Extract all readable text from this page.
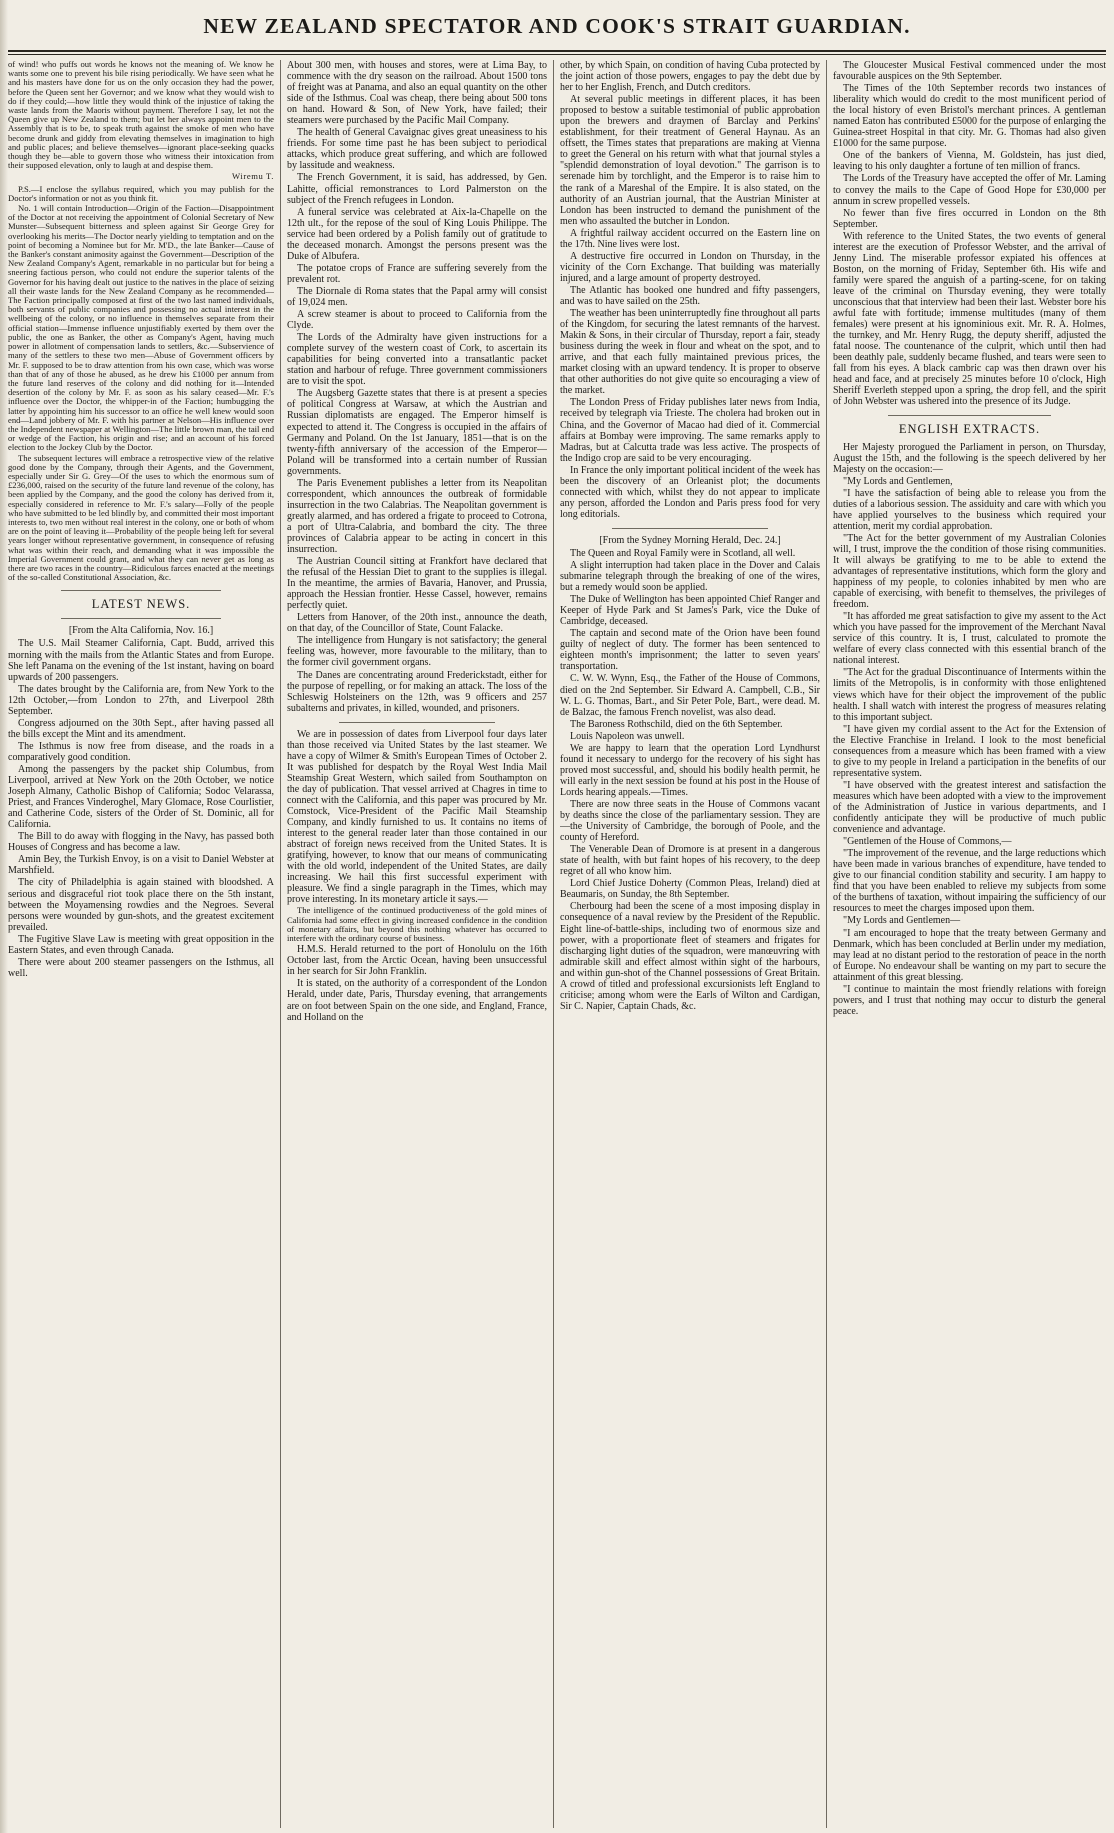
NEW ZEALAND SPECTATOR AND COOK'S STRAIT GUARDIAN.

of wind! who puffs out words he knows not the meaning of. We know he wants some one to prevent his bile rising periodically. We have seen what he and his masters have done for us on the only occasion they had the power, before the Queen sent her Governor; and we know what they would wish to do if they could;—how little they would think of the injustice of taking the waste lands from the Maoris without payment. Therefore I say, let not the Queen give up New Zealand to them; but let her always appoint men to the Assembly that is to be, to speak truth against the smoke of men who have become drunk and giddy from elevating themselves in imagination to high and public places; and believe themselves—ignorant place-seeking quacks though they be—able to govern those who witness their intoxication from their supposed elevation, only to laugh at and despise them.

Wiremu T.

P.S.—I enclose the syllabus required, which you may publish for the Doctor's information or not as you think fit.

No. 1 will contain Introduction—Origin of the Faction—Disappointment of the Doctor at not receiving the appointment of Colonial Secretary of New Munster—Subsequent bitterness and spleen against Sir George Grey for overlooking his merits—The Doctor nearly yielding to temptation and on the point of becoming a Nominee but for Mr. M'D., the late Banker—Cause of the Banker's constant animosity against the Government—Description of the New Zealand Company's Agent, remarkable in no particular but for being a sneering factious person, who could not endure the superior talents of the Governor for his having dealt out justice to the natives in the place of seizing all their waste lands for the New Zealand Company as he recommended—The Faction principally composed at first of the two last named individuals, both servants of public companies and possessing no actual interest in the wellbeing of the colony, or no influence in themselves separate from their official station—Immense influence unjustifiably exerted by them over the public, the one as Banker, the other as Company's Agent, having much power in allotment of compensation lands to settlers, &c.—Subservience of many of the settlers to these two men—Abuse of Government officers by Mr. F. supposed to be to draw attention from his own case, which was worse than that of any of those he abused, as he drew his £1000 per annum from the future land reserves of the colony and did nothing for it—Intended desertion of the colony by Mr. F. as soon as his salary ceased—Mr. F.'s influence over the Doctor, the whipper-in of the Faction; humbugging the latter by appointing him his successor to an office he well knew would soon end—Land jobbery of Mr. F. with his partner at Nelson—His influence over the Independent newspaper at Wellington—The little brown man, the tail end or wedge of the Faction, his origin and rise; and an account of his forced election to the Jockey Club by the Doctor.

The subsequent lectures will embrace a retrospective view of the relative good done by the Company, through their Agents, and the Government, especially under Sir G. Grey—Of the uses to which the enormous sum of £236,000, raised on the security of the future land revenue of the colony, has been applied by the Company, and the good the colony has derived from it, especially considered in reference to Mr. F.'s salary—Folly of the people who have submitted to be led blindly by, and committed their most important interests to, two men without real interest in the colony, one or both of whom are on the point of leaving it—Probability of the people being left for several years longer without representative government, in consequence of refusing what was within their reach, and demanding what it was impossible the Imperial Government could grant, and what they can never get as long as there are two races in the country—Ridiculous farces enacted at the meetings of the so-called Constitutional Association, &c.

LATEST NEWS.

[From the Alta California, Nov. 16.]

The U.S. Mail Steamer California, Capt. Budd, arrived this morning with the mails from the Atlantic States and from Europe. She left Panama on the evening of the 1st instant, having on board upwards of 200 passengers.

The dates brought by the California are, from New York to the 12th October,—from London to 27th, and Liverpool 28th September.

Congress adjourned on the 30th Sept., after having passed all the bills except the Mint and its amendment.

The Isthmus is now free from disease, and the roads in a comparatively good condition.

Among the passengers by the packet ship Columbus, from Liverpool, arrived at New York on the 20th October, we notice Joseph Almany, Catholic Bishop of California; Sodoc Velarassa, Priest, and Frances Vinderoghel, Mary Glomace, Rose Courlistier, and Catherine Code, sisters of the Order of St. Dominic, all for California.

The Bill to do away with flogging in the Navy, has passed both Houses of Congress and has become a law.

Amin Bey, the Turkish Envoy, is on a visit to Daniel Webster at Marshfield.

The city of Philadelphia is again stained with bloodshed. A serious and disgraceful riot took place there on the 5th instant, between the Moyamensing rowdies and the Negroes. Several persons were wounded by gun-shots, and the greatest excitement prevailed.

The Fugitive Slave Law is meeting with great opposition in the Eastern States, and even through Canada.

There were about 200 steamer passengers on the Isthmus, all well.

About 300 men, with houses and stores, were at Lima Bay, to commence with the dry season on the railroad. About 1500 tons of freight was at Panama, and also an equal quantity on the other side of the Isthmus. Coal was cheap, there being about 500 tons on hand. Howard & Son, of New York, have failed; their steamers were purchased by the Pacific Mail Company.

The health of General Cavaignac gives great uneasiness to his friends. For some time past he has been subject to periodical attacks, which produce great suffering, and which are followed by lassitude and weakness.

The French Government, it is said, has addressed, by Gen. Lahitte, official remonstrances to Lord Palmerston on the subject of the French refugees in London.

A funeral service was celebrated at Aix-la-Chapelle on the 12th ult., for the repose of the soul of King Louis Philippe. The service had been ordered by a Polish family out of gratitude to the deceased monarch. Amongst the persons present was the Duke of Albufera.

The potatoe crops of France are suffering severely from the prevalent rot.

The Diornale di Roma states that the Papal army will consist of 19,024 men.

A screw steamer is about to proceed to California from the Clyde.

The Lords of the Admiralty have given instructions for a complete survey of the western coast of Cork, to ascertain its capabilities for being converted into a transatlantic packet station and harbour of refuge. Three government commissioners are to visit the spot.

The Augsberg Gazette states that there is at present a species of political Congress at Warsaw, at which the Austrian and Russian diplomatists are engaged. The Emperor himself is expected to attend it. The Congress is occupied in the affairs of Germany and Poland. On the 1st January, 1851—that is on the twenty-fifth anniversary of the accession of the Emperor—Poland will be transformed into a certain number of Russian governments.

The Paris Evenement publishes a letter from its Neapolitan correspondent, which announces the outbreak of formidable insurrection in the two Calabrias. The Neapolitan government is greatly alarmed, and has ordered a frigate to proceed to Cotrona, a port of Ultra-Calabria, and bombard the city. The three provinces of Calabria appear to be acting in concert in this insurrection.

The Austrian Council sitting at Frankfort have declared that the refusal of the Hessian Diet to grant to the supplies is illegal. In the meantime, the armies of Bavaria, Hanover, and Prussia, approach the Hessian frontier. Hesse Cassel, however, remains perfectly quiet.

Letters from Hanover, of the 20th inst., announce the death, on that day, of the Councillor of State, Count Falacke.

The intelligence from Hungary is not satisfactory; the general feeling was, however, more favourable to the military, than to the former civil government organs.

The Danes are concentrating around Frederickstadt, either for the purpose of repelling, or for making an attack. The loss of the Schleswig Holsteiners on the 12th, was 9 officers and 257 subalterns and privates, in killed, wounded, and prisoners.

We are in possession of dates from Liverpool four days later than those received via United States by the last steamer. We have a copy of Wilmer & Smith's European Times of October 2. It was published for despatch by the Royal West India Mail Steamship Great Western, which sailed from Southampton on the day of publication. That vessel arrived at Chagres in time to connect with the California, and this paper was procured by Mr. Comstock, Vice-President of the Pacific Mail Steamship Company, and kindly furnished to us. It contains no items of interest to the general reader later than those contained in our abstract of foreign news received from the United States. It is gratifying, however, to know that our means of communicating with the old world, independent of the United States, are daily increasing. We hail this first successful experiment with pleasure. We find a single paragraph in the Times, which may prove interesting. In its monetary article it says.—

The intelligence of the continued productiveness of the gold mines of California had some effect in giving increased confidence in the condition of monetary affairs, but beyond this nothing whatever has occurred to interfere with the ordinary course of business.

H.M.S. Herald returned to the port of Honolulu on the 16th October last, from the Arctic Ocean, having been unsuccessful in her search for Sir John Franklin.

It is stated, on the authority of a correspondent of the London Herald, under date, Paris, Thursday evening, that arrangements are on foot between Spain on the one side, and England, France, and Holland on the

other, by which Spain, on condition of having Cuba protected by the joint action of those powers, engages to pay the debt due by her to her English, French, and Dutch creditors.

At several public meetings in different places, it has been proposed to bestow a suitable testimonial of public approbation upon the brewers and draymen of Barclay and Perkins' establishment, for their treatment of General Haynau. As an offsett, the Times states that preparations are making at Vienna to greet the General on his return with what that journal styles a "splendid demonstration of loyal devotion." The garrison is to serenade him by torchlight, and the Emperor is to raise him to the rank of a Mareshal of the Empire. It is also stated, on the authority of an Austrian journal, that the Austrian Minister at London has been instructed to demand the punishment of the men who assaulted the butcher in London.

A frightful railway accident occurred on the Eastern line on the 17th. Nine lives were lost.

A destructive fire occurred in London on Thursday, in the vicinity of the Corn Exchange. That building was materially injured, and a large amount of property destroyed.

The Atlantic has booked one hundred and fifty passengers, and was to have sailed on the 25th.

The weather has been uninterruptedly fine throughout all parts of the Kingdom, for securing the latest remnants of the harvest. Makin & Sons, in their circular of Thursday, report a fair, steady business during the week in flour and wheat on the spot, and to arrive, and that each fully maintained previous prices, the market closing with an upward tendency. It is proper to observe that other authorities do not give quite so encouraging a view of the market.

The London Press of Friday publishes later news from India, received by telegraph via Trieste. The cholera had broken out in China, and the Governor of Macao had died of it. Commercial affairs at Bombay were improving. The same remarks apply to Madras, but at Calcutta trade was less active. The prospects of the Indigo crop are said to be very encouraging.

In France the only important political incident of the week has been the discovery of an Orleanist plot; the documents connected with which, whilst they do not appear to implicate any person, afforded the London and Paris press food for very long editorials.

[From the Sydney Morning Herald, Dec. 24.]

The Queen and Royal Family were in Scotland, all well.

A slight interruption had taken place in the Dover and Calais submarine telegraph through the breaking of one of the wires, but a remedy would soon be applied.

The Duke of Wellington has been appointed Chief Ranger and Keeper of Hyde Park and St James's Park, vice the Duke of Cambridge, deceased.

The captain and second mate of the Orion have been found guilty of neglect of duty. The former has been sentenced to eighteen month's imprisonment; the latter to seven years' transportation.

C. W. W. Wynn, Esq., the Father of the House of Commons, died on the 2nd September. Sir Edward A. Campbell, C.B., Sir W. L. G. Thomas, Bart., and Sir Peter Pole, Bart., were dead. M. de Balzac, the famous French novelist, was also dead.

The Baroness Rothschild, died on the 6th September.

Louis Napoleon was unwell.

We are happy to learn that the operation Lord Lyndhurst found it necessary to undergo for the recovery of his sight has proved most successful, and, should his bodily health permit, he will early in the next session be found at his post in the House of Lords hearing appeals.—Times.

There are now three seats in the House of Commons vacant by deaths since the close of the parliamentary session. They are—the University of Cambridge, the borough of Poole, and the county of Hereford.

The Venerable Dean of Dromore is at present in a dangerous state of health, with but faint hopes of his recovery, to the deep regret of all who know him.

Lord Chief Justice Doherty (Common Pleas, Ireland) died at Beaumaris, on Sunday, the 8th September.

Cherbourg had been the scene of a most imposing display in consequence of a naval review by the President of the Republic. Eight line-of-battle-ships, including two of enormous size and power, with a proportionate fleet of steamers and frigates for discharging light duties of the squadron, were manœuvring with admirable skill and effect almost within sight of the harbours, and within gun-shot of the Channel possessions of Great Britain. A crowd of titled and professional excursionists left England to criticise; among whom were the Earls of Wilton and Cardigan, Sir C. Napier, Captain Chads, &c.

The Gloucester Musical Festival commenced under the most favourable auspices on the 9th September.

The Times of the 10th September records two instances of liberality which would do credit to the most munificent period of the local history of even Bristol's merchant princes. A gentleman named Eaton has contributed £5000 for the purpose of enlarging the Guinea-street Hospital in that city. Mr. G. Thomas had also given £1000 for the same purpose.

One of the bankers of Vienna, M. Goldstein, has just died, leaving to his only daughter a fortune of ten million of francs.

The Lords of the Treasury have accepted the offer of Mr. Laming to convey the mails to the Cape of Good Hope for £30,000 per annum in screw propelled vessels.

No fewer than five fires occurred in London on the 8th September.

With reference to the United States, the two events of general interest are the execution of Professor Webster, and the arrival of Jenny Lind. The miserable professor expiated his offences at Boston, on the morning of Friday, September 6th. His wife and family were spared the anguish of a parting-scene, for on taking leave of the criminal on Thursday evening, they were totally unconscious that that interview had been their last. Webster bore his awful fate with fortitude; immense multitudes (many of them females) were present at his ignominious exit. Mr. R. A. Holmes, the turnkey, and Mr. Henry Rugg, the deputy sheriff, adjusted the fatal noose. The countenance of the culprit, which until then had been deathly pale, suddenly became flushed, and tears were seen to fall from his eyes. A black cambric cap was then drawn over his head and face, and at precisely 25 minutes before 10 o'clock, High Sheriff Everleth stepped upon a spring, the drop fell, and the spirit of John Webster was ushered into the presence of its Judge.

ENGLISH EXTRACTS.

Her Majesty prorogued the Parliament in person, on Thursday, August the 15th, and the following is the speech delivered by her Majesty on the occasion:—

"My Lords and Gentlemen,

"I have the satisfaction of being able to release you from the duties of a laborious session. The assiduity and care with which you have applied yourselves to the business which required your attention, merit my cordial approbation.

"The Act for the better government of my Australian Colonies will, I trust, improve the the condition of those rising communities. It will always be gratifying to me to be able to extend the advantages of representative institutions, which form the glory and happiness of my people, to colonies inhabited by men who are capable of exercising, with benefit to themselves, the privileges of freedom.

"It has afforded me great satisfaction to give my assent to the Act which you have passed for the improvement of the Merchant Naval service of this country. It is, I trust, calculated to promote the welfare of every class connected with this essential branch of the national interest.

"The Act for the gradual Discontinuance of Interments within the limits of the Metropolis, is in conformity with those enlightened views which have for their object the improvement of the public health. I shall watch with interest the progress of measures relating to this important subject.

"I have given my cordial assent to the Act for the Extension of the Elective Franchise in Ireland. I look to the most beneficial consequences from a measure which has been framed with a view to give to my people in Ireland a participation in the benefits of our representative system.

"I have observed with the greatest interest and satisfaction the measures which have been adopted with a view to the improvement of the Administration of Justice in various departments, and I confidently anticipate they will be productive of much public convenience and advantage.

"Gentlemen of the House of Commons,—

"The improvement of the revenue, and the large reductions which have been made in various branches of expenditure, have tended to give to our financial condition stability and security. I am happy to find that you have been enabled to relieve my subjects from some of the burthens of taxation, without impairing the sufficiency of our resources to meet the charges imposed upon them.

"My Lords and Gentlemen—

"I am encouraged to hope that the treaty between Germany and Denmark, which has been concluded at Berlin under my mediation, may lead at no distant period to the restoration of peace in the north of Europe. No endeavour shall be wanting on my part to secure the attainment of this great blessing.

"I continue to maintain the most friendly relations with foreign powers, and I trust that nothing may occur to disturb the general peace.
